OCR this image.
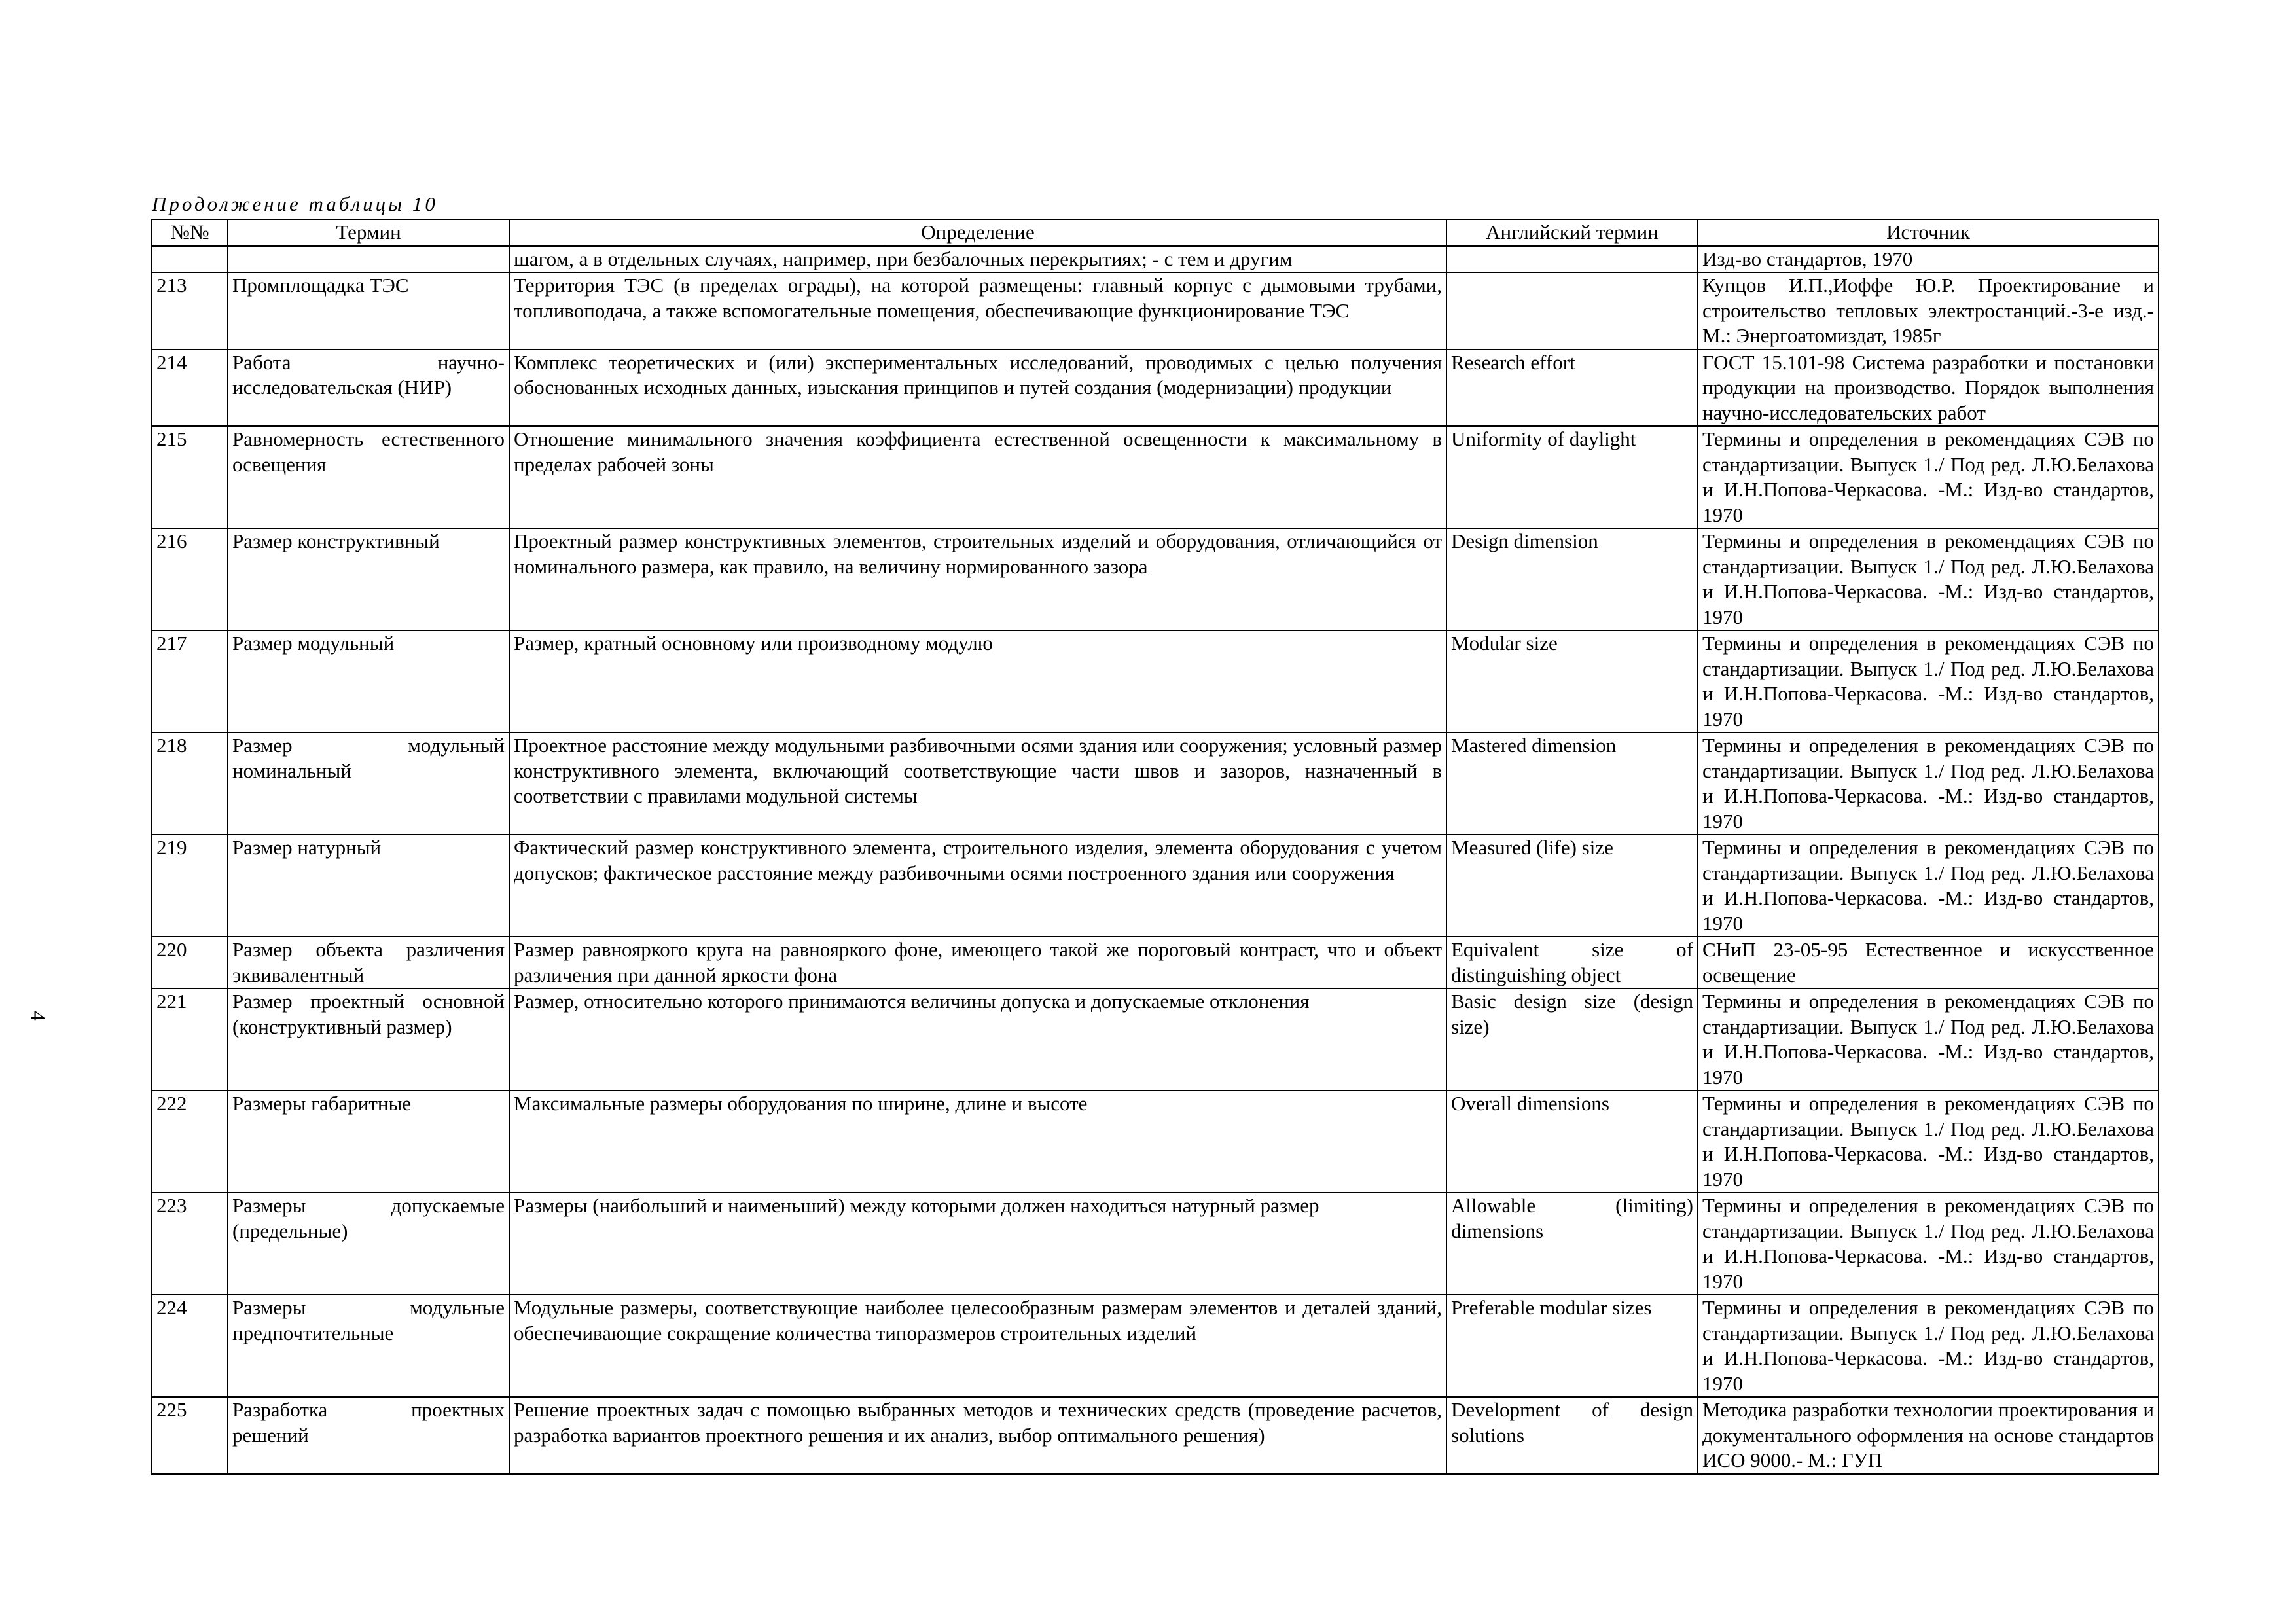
Продолжение таблицы 10
4
№№	Термин	Определение	Английский термин	Источник
		шагом, а в отдельных случаях, например, при безбалочных перекрытиях; - с тем и другим		Изд-во стандартов, 1970
213	Промплощадка ТЭС	Территория ТЭС (в пределах ограды), на которой размещены: главный корпус с дымовыми трубами, топливоподача, а также вспомогательные помещения, обеспечивающие функционирование ТЭС		Купцов И.П.,Иоффе Ю.Р. Проектирование и строительство тепловых электростанций.-3-е изд.-М.: Энергоатомиздат, 1985г
214	Работа научно-исследовательская (НИР)	Комплекс теоретических и (или) экспериментальных исследований, проводимых с целью получения обоснованных исходных данных, изыскания принципов и путей создания (модернизации) продукции	Research effort	ГОСТ 15.101-98 Система разработки и постановки продукции на производство. Порядок выполнения научно-исследовательских работ
215	Равномерность естественного освещения	Отношение минимального значения коэффициента естественной освещенности к максимальному в пределах рабочей зоны	Uniformity of daylight	Термины и определения в рекомендациях СЭВ по стандартизации. Выпуск 1./ Под ред. Л.Ю.Белахова и И.Н.Попова-Черкасова. -М.: Изд-во стандартов, 1970
216	Размер конструктивный	Проектный размер конструктивных элементов, строительных изделий и оборудования, отличающийся от номинального размера, как правило, на величину нормированного зазора	Design dimension	Термины и определения в рекомендациях СЭВ по стандартизации. Выпуск 1./ Под ред. Л.Ю.Белахова и И.Н.Попова-Черкасова. -М.: Изд-во стандартов, 1970
217	Размер модульный	Размер, кратный основному или производному модулю	Modular size	Термины и определения в рекомендациях СЭВ по стандартизации. Выпуск 1./ Под ред. Л.Ю.Белахова и И.Н.Попова-Черкасова. -М.: Изд-во стандартов, 1970
218	Размер модульный номинальный	Проектное расстояние между модульными разбивочными осями здания или сооружения; условный размер конструктивного элемента, включающий соответствующие части швов и зазоров, назначенный в соответствии с правилами модульной системы	Mastered dimension	Термины и определения в рекомендациях СЭВ по стандартизации. Выпуск 1./ Под ред. Л.Ю.Белахова и И.Н.Попова-Черкасова. -М.: Изд-во стандартов, 1970
219	Размер натурный	Фактический размер конструктивного элемента, строительного изделия, элемента оборудования с учетом допусков; фактическое расстояние между разбивочными осями построенного здания или сооружения	Measured (life) size	Термины и определения в рекомендациях СЭВ по стандартизации. Выпуск 1./ Под ред. Л.Ю.Белахова и И.Н.Попова-Черкасова. -М.: Изд-во стандартов, 1970
220	Размер объекта различения эквивалентный	Размер равнояркого круга на равнояркого фоне, имеющего такой же пороговый контраст, что и объект различения при данной яркости фона	Equivalent size of distinguishing object	СНиП 23-05-95 Естественное и искусственное освещение
221	Размер проектный основной (конструктивный размер)	Размер, относительно которого принимаются величины допуска и допускаемые отклонения	Basic design size (design size)	Термины и определения в рекомендациях СЭВ по стандартизации. Выпуск 1./ Под ред. Л.Ю.Белахова и И.Н.Попова-Черкасова. -М.: Изд-во стандартов, 1970
222	Размеры габаритные	Максимальные размеры оборудования по ширине, длине и высоте	Overall dimensions	Термины и определения в рекомендациях СЭВ по стандартизации. Выпуск 1./ Под ред. Л.Ю.Белахова и И.Н.Попова-Черкасова. -М.: Изд-во стандартов, 1970
223	Размеры допускаемые (предельные)	Размеры (наибольший и наименьший) между которыми должен находиться натурный размер	Allowable (limiting) dimensions	Термины и определения в рекомендациях СЭВ по стандартизации. Выпуск 1./ Под ред. Л.Ю.Белахова и И.Н.Попова-Черкасова. -М.: Изд-во стандартов, 1970
224	Размеры модульные предпочтительные	Модульные размеры, соответствующие наиболее целесообразным размерам элементов и деталей зданий, обеспечивающие сокращение количества типоразмеров строительных изделий	Preferable modular sizes	Термины и определения в рекомендациях СЭВ по стандартизации. Выпуск 1./ Под ред. Л.Ю.Белахова и И.Н.Попова-Черкасова. -М.: Изд-во стандартов, 1970
225	Разработка проектных решений	Решение проектных задач с помощью выбранных методов и технических средств (проведение расчетов, разработка вариантов проектного решения и их анализ, выбор оптимального решения)	Development of design solutions	Методика разработки технологии проектирования и документального оформления на основе стандартов ИСО 9000.- М.: ГУП
